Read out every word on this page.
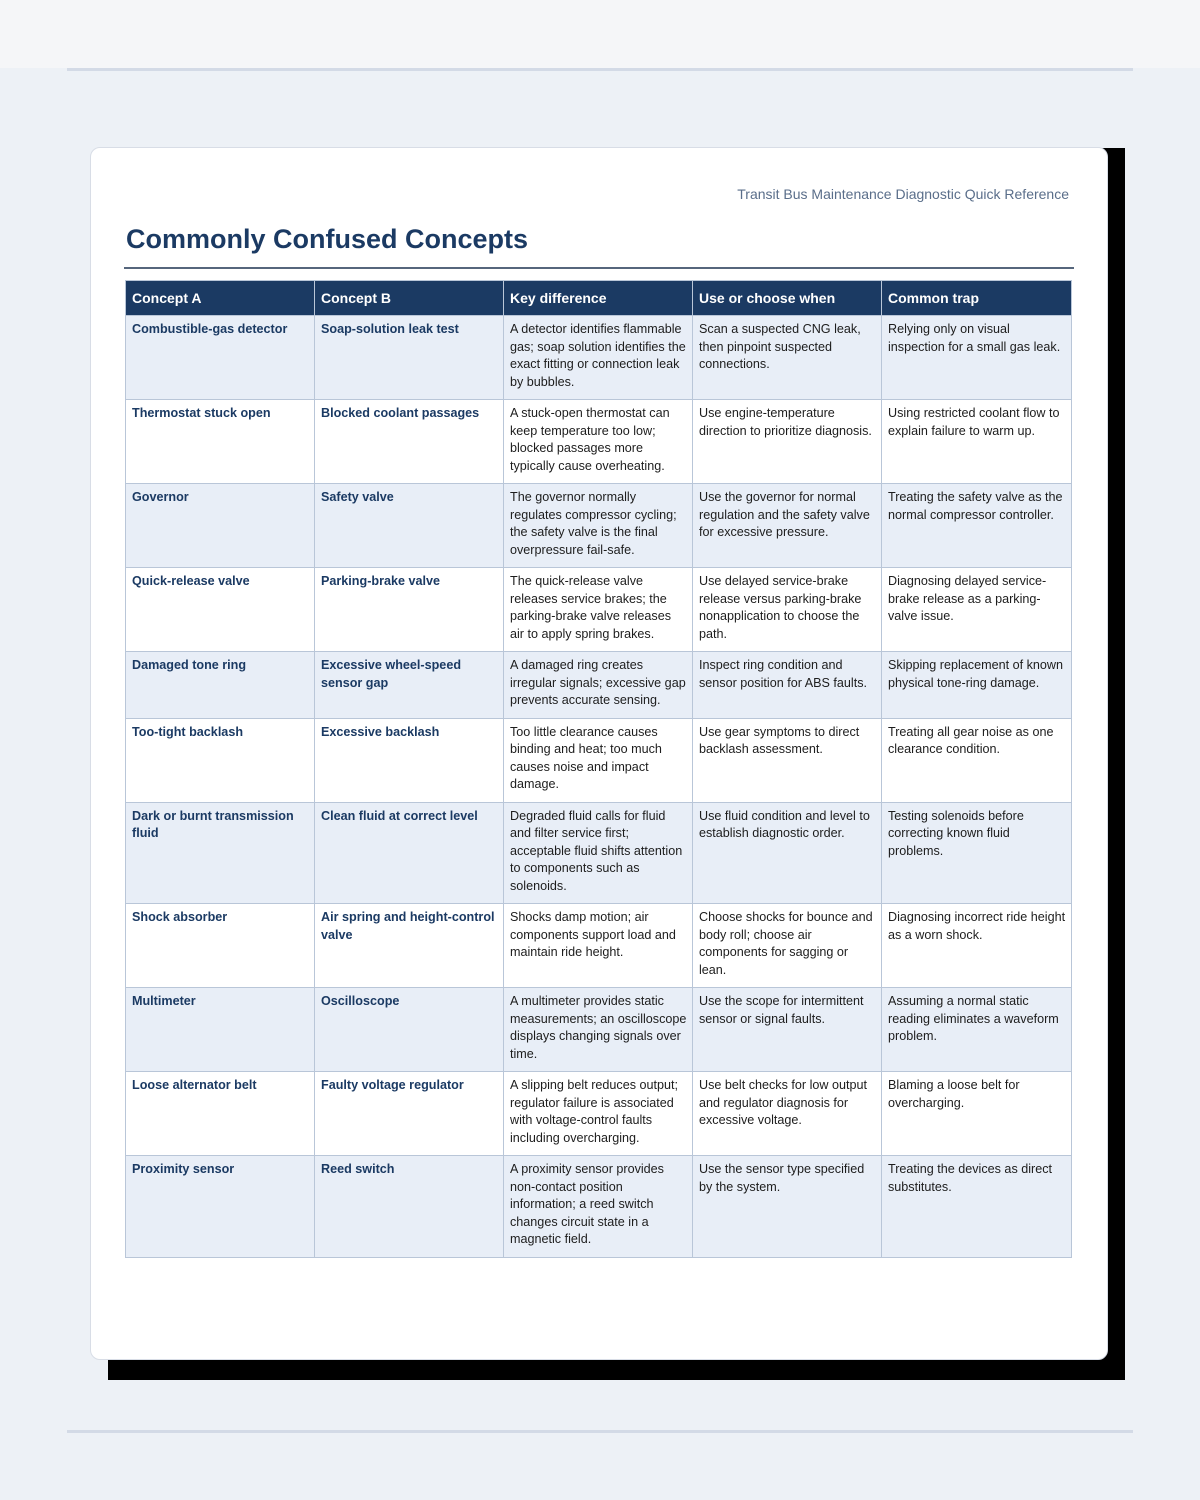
Transit Bus Maintenance Diagnostic Quick Reference
Commonly Confused Concepts
Concept A	Concept B	Key difference	Use or choose when	Common trap
Combustible-gas detector	Soap-solution leak test	A detector identifies flammable gas; soap solution identifies the exact fitting or connection leak by bubbles.	Scan a suspected CNG leak, then pinpoint suspected connections.	Relying only on visual inspection for a small gas leak.
Thermostat stuck open	Blocked coolant passages	A stuck-open thermostat can keep temperature too low; blocked passages more typically cause overheating.	Use engine-temperature direction to prioritize diagnosis.	Using restricted coolant flow to explain failure to warm up.
Governor	Safety valve	The governor normally regulates compressor cycling; the safety valve is the final overpressure fail-safe.	Use the governor for normal regulation and the safety valve for excessive pressure.	Treating the safety valve as the normal compressor controller.
Quick-release valve	Parking-brake valve	The quick-release valve releases service brakes; the parking-brake valve releases air to apply spring brakes.	Use delayed service-brake release versus parking-brake nonapplication to choose the path.	Diagnosing delayed service-brake release as a parking-valve issue.
Damaged tone ring	Excessive wheel-speed sensor gap	A damaged ring creates irregular signals; excessive gap prevents accurate sensing.	Inspect ring condition and sensor position for ABS faults.	Skipping replacement of known physical tone-ring damage.
Too-tight backlash	Excessive backlash	Too little clearance causes binding and heat; too much causes noise and impact damage.	Use gear symptoms to direct backlash assessment.	Treating all gear noise as one clearance condition.
Dark or burnt transmission fluid	Clean fluid at correct level	Degraded fluid calls for fluid and filter service first; acceptable fluid shifts attention to components such as solenoids.	Use fluid condition and level to establish diagnostic order.	Testing solenoids before correcting known fluid problems.
Shock absorber	Air spring and height-control valve	Shocks damp motion; air components support load and maintain ride height.	Choose shocks for bounce and body roll; choose air components for sagging or lean.	Diagnosing incorrect ride height as a worn shock.
Multimeter	Oscilloscope	A multimeter provides static measurements; an oscilloscope displays changing signals over time.	Use the scope for intermittent sensor or signal faults.	Assuming a normal static reading eliminates a waveform problem.
Loose alternator belt	Faulty voltage regulator	A slipping belt reduces output; regulator failure is associated with voltage-control faults including overcharging.	Use belt checks for low output and regulator diagnosis for excessive voltage.	Blaming a loose belt for overcharging.
Proximity sensor	Reed switch	A proximity sensor provides non-contact position information; a reed switch changes circuit state in a magnetic field.	Use the sensor type specified by the system.	Treating the devices as direct substitutes.
